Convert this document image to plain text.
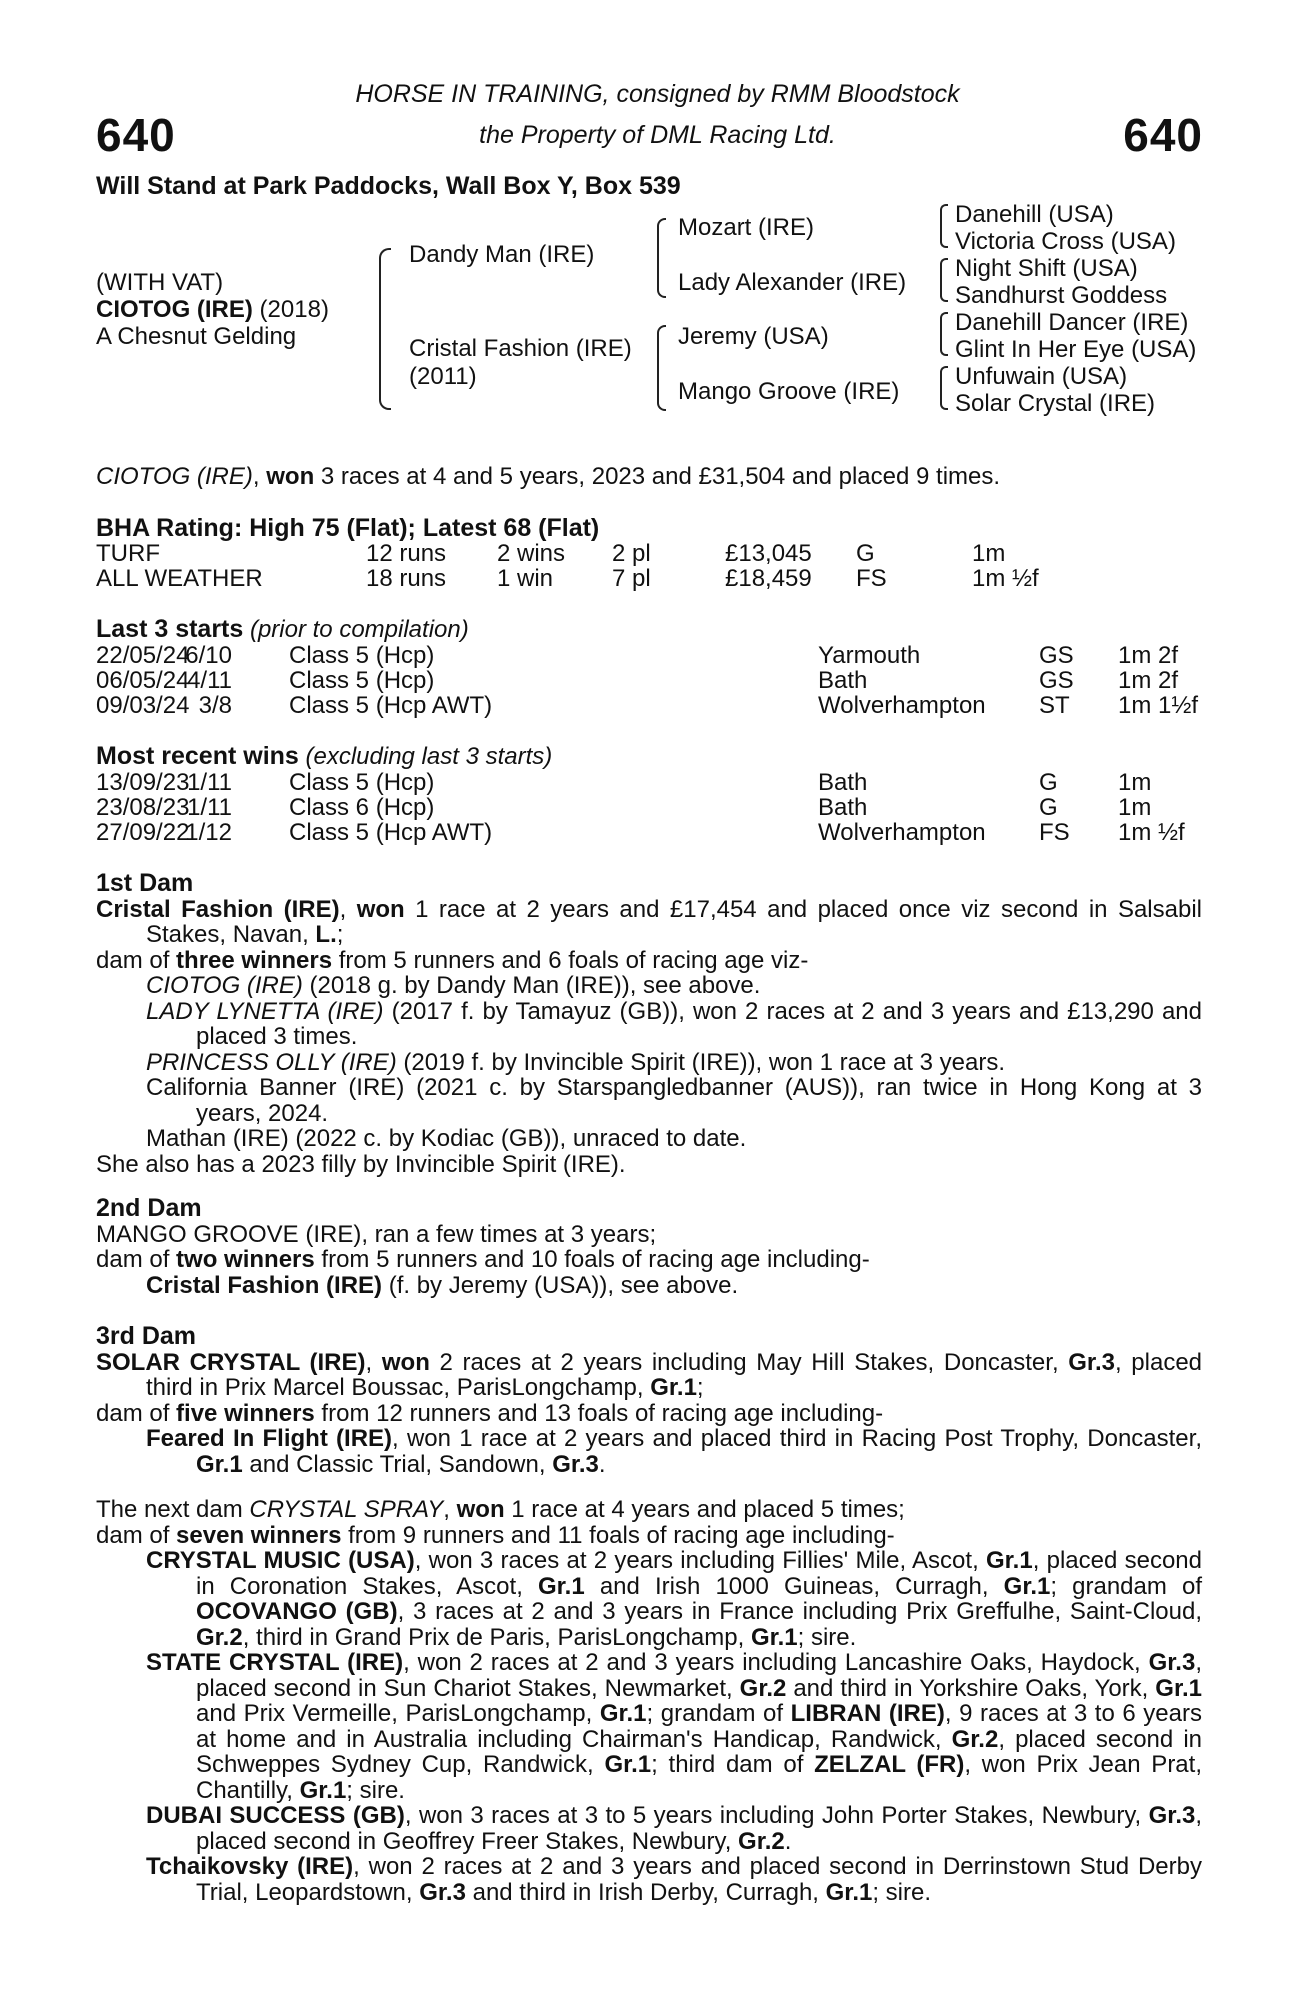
640	640
HORSE IN TRAINING, consigned by RMM Bloodstock
the Property of DML Racing Ltd.
Will Stand at Park Paddocks, Wall Box Y, Box 539
(WITH VAT)
CIOTOG (IRE) (2018)
A Chesnut Gelding
Dandy Man (IRE)
Cristal Fashion (IRE)
(2011)
Mozart (IRE)
Lady Alexander (IRE)
Jeremy (USA)
Mango Groove (IRE)
Danehill (USA)
Victoria Cross (USA)
Night Shift (USA)
Sandhurst Goddess
Danehill Dancer (IRE)
Glint In Her Eye (USA)
Unfuwain (USA)
Solar Crystal (IRE)
CIOTOG (IRE), won 3 races at 4 and 5 years, 2023 and £31,504 and placed 9 times.
BHA Rating: High 75 (Flat); Latest 68 (Flat)
TURF	12 runs 2 wins 2 pl	£13,045 G	1m
ALL WEATHER	18 runs 1 win 7 pl	£18,459 FS	1m ½f
Last 3 starts (prior to compilation)
22/05/24
6/10 Class 5 (Hcp)	Yarmouth	GS 1m 2f
06/05/24
4/11 Class 5 (Hcp)	Bath	GS 1m 2f
09/03/24 3/8 Class 5 (Hcp AWT)	Wolverhampton ST 1m 1½f
Most recent wins (excluding last 3 starts)
13/09/23
1/11 Class 5 (Hcp)	Bath	G	1m
23/08/23
1/11 Class 6 (Hcp)	Bath	G	1m
27/09/22
1/12 Class 5 (Hcp AWT)	Wolverhampton FS 1m ½f

1st Dam

Cristal Fashion (IRE), won 1 race at 2 years and £17,454 and placed once viz second in Salsabil Stakes, Navan, L.;

dam of three winners from 5 runners and 6 foals of racing age viz-

CIOTOG (IRE) (2018 g. by Dandy Man (IRE)), see above.

LADY LYNETTA (IRE) (2017 f. by Tamayuz (GB)), won 2 races at 2 and 3 years and £13,290 and placed 3 times.

PRINCESS OLLY (IRE) (2019 f. by Invincible Spirit (IRE)), won 1 race at 3 years.

California Banner (IRE) (2021 c. by Starspangledbanner (AUS)), ran twice in Hong Kong at 3 years, 2024.

Mathan (IRE) (2022 c. by Kodiac (GB)), unraced to date.

She also has a 2023 filly by Invincible Spirit (IRE).

2nd Dam

MANGO GROOVE (IRE), ran a few times at 3 years;

dam of two winners from 5 runners and 10 foals of racing age including-

Cristal Fashion (IRE) (f. by Jeremy (USA)), see above.

3rd Dam

SOLAR CRYSTAL (IRE), won 2 races at 2 years including May Hill Stakes, Doncaster, Gr.3, placed third in Prix Marcel Boussac, ParisLongchamp, Gr.1;

dam of five winners from 12 runners and 13 foals of racing age including-

Feared In Flight (IRE), won 1 race at 2 years and placed third in Racing Post Trophy, Doncaster, Gr.1 and Classic Trial, Sandown, Gr.3.

The next dam CRYSTAL SPRAY, won 1 race at 4 years and placed 5 times;

dam of seven winners from 9 runners and 11 foals of racing age including-

CRYSTAL MUSIC (USA), won 3 races at 2 years including Fillies' Mile, Ascot, Gr.1, placed second in Coronation Stakes, Ascot, Gr.1 and Irish 1000 Guineas, Curragh, Gr.1; grandam of OCOVANGO (GB), 3 races at 2 and 3 years in France including Prix Greffulhe, Saint-Cloud, Gr.2, third in Grand Prix de Paris, ParisLongchamp, Gr.1; sire.

STATE CRYSTAL (IRE), won 2 races at 2 and 3 years including Lancashire Oaks, Haydock, Gr.3, placed second in Sun Chariot Stakes, Newmarket, Gr.2 and third in Yorkshire Oaks, York, Gr.1 and Prix Vermeille, ParisLongchamp, Gr.1; grandam of LIBRAN (IRE), 9 races at 3 to 6 years at home and in Australia including Chairman's Handicap, Randwick, Gr.2, placed second in Schweppes Sydney Cup, Randwick, Gr.1; third dam of ZELZAL (FR), won Prix Jean Prat, Chantilly, Gr.1; sire.

DUBAI SUCCESS (GB), won 3 races at 3 to 5 years including John Porter Stakes, Newbury, Gr.3, placed second in Geoffrey Freer Stakes, Newbury, Gr.2.

Tchaikovsky (IRE), won 2 races at 2 and 3 years and placed second in Derrinstown Stud Derby Trial, Leopardstown, Gr.3 and third in Irish Derby, Curragh, Gr.1; sire.
